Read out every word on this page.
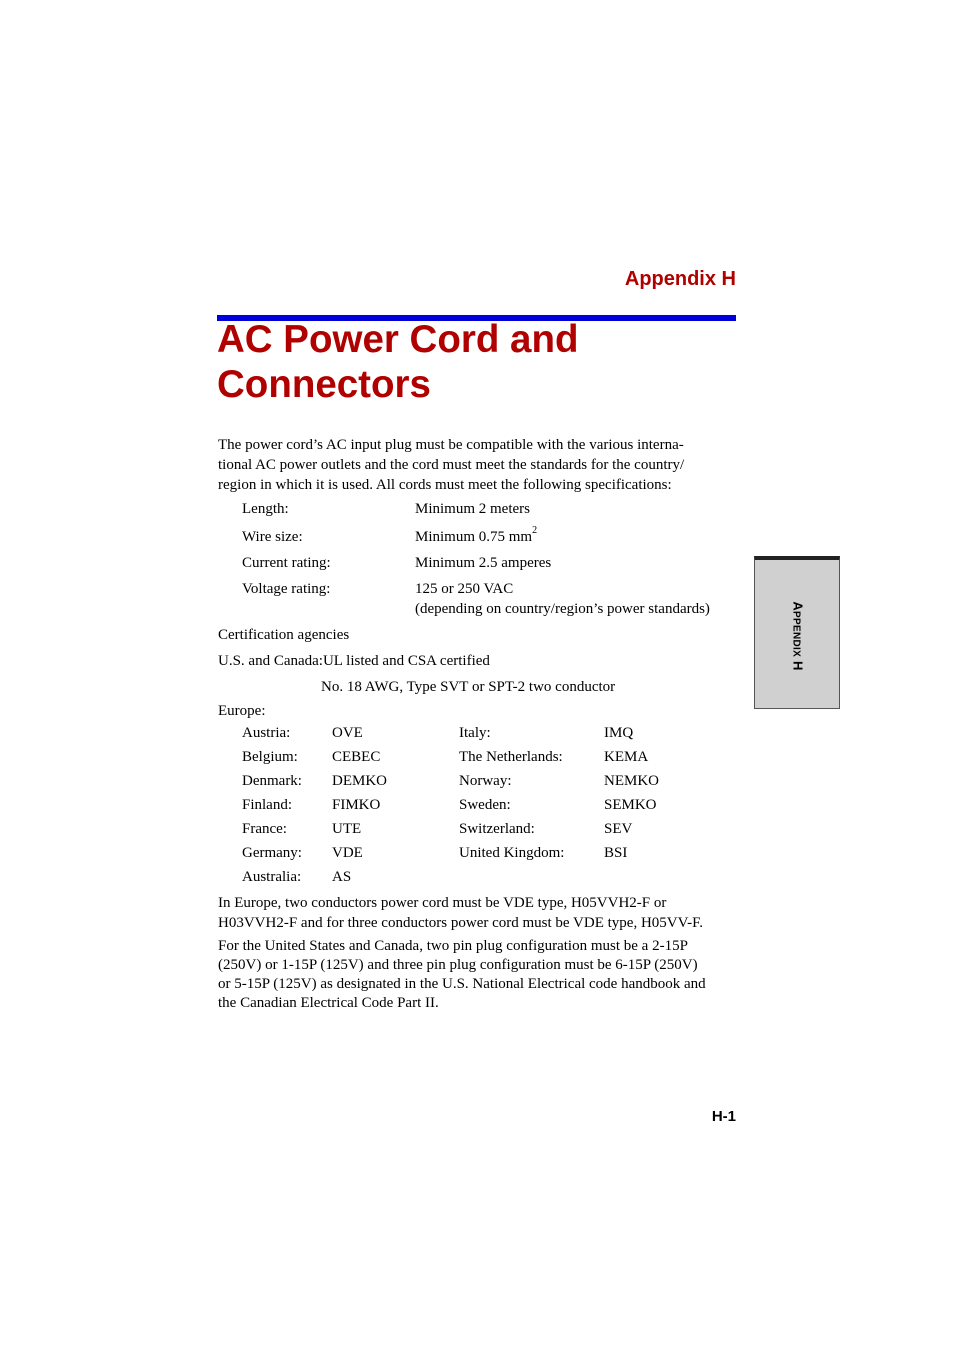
Appendix H
AC Power Cord and
Connectors
The power cord’s AC input plug must be compatible with the various interna-
tional AC power outlets and the cord must meet the standards for the country/
region in which it is used. All cords must meet the following specifications:
Length:	Minimum 2 meters
Wire size:	Minimum 0.75 $mm^2$
Current rating:	Minimum 2.5 amperes
Voltage rating:	125 or 250 VAC
(depending on country/region’s power standards)
Certification agencies
U.S. and Canada:UL listed and CSA certified
No. 18 AWG, Type SVT or SPT-2 two conductor
Europe:
Austria:	OVE	Italy:	IMQ
Belgium: CEBEC	The Netherlands:	KEMA
Denmark: DEMKO	Norway:	NEMKO
Finland:	FIMKO	Sweden:	SEMKO
France:	UTE	Switzerland:	SEV
Germany: VDE	United Kingdom:	BSI
Australia: AS
In Europe, two conductors power cord must be VDE type, H05VVH2-F or
H03VVH2-F and for three conductors power cord must be VDE type, H05VV-F.
For the United States and Canada, two pin plug configuration must be a 2-15P
(250V) or 1-15P (125V) and three pin plug configuration must be 6-15P (250V)
or 5-15P (125V) as designated in the U.S. National Electrical code handbook and
the Canadian Electrical Code Part II.
APPENDIX H
H-1
